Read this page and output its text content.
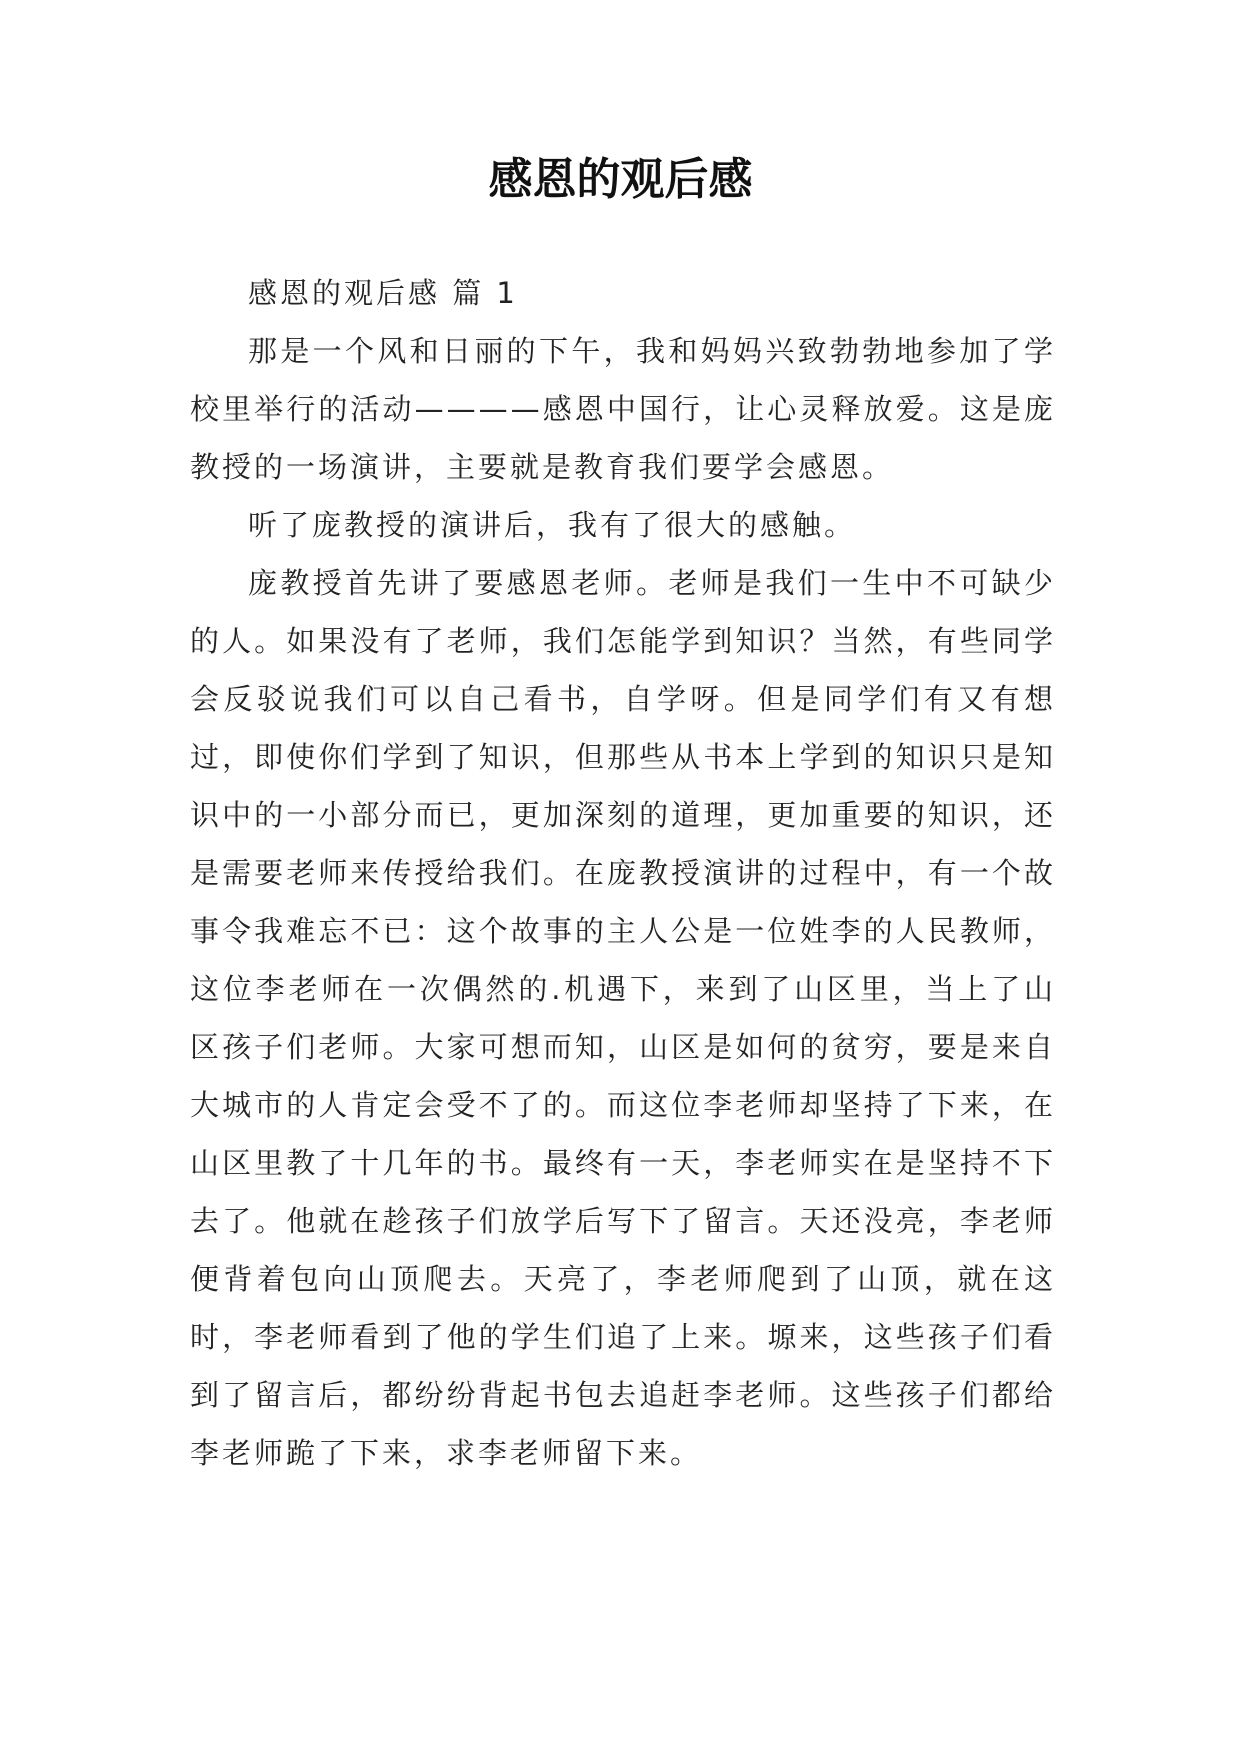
感恩的观后感

感恩的观后感 篇 1

那是一个风和日丽的下午，我和妈妈兴致勃勃地参加了学校里举行的活动————感恩中国行，让心灵释放爱。这是庞教授的一场演讲，主要就是教育我们要学会感恩。

听了庞教授的演讲后，我有了很大的感触。

庞教授首先讲了要感恩老师。老师是我们一生中不可缺少的人。如果没有了老师，我们怎能学到知识？当然，有些同学会反驳说我们可以自己看书，自学呀。但是同学们有又有想过，即使你们学到了知识，但那些从书本上学到的知识只是知识中的一小部分而已，更加深刻的道理，更加重要的知识，还是需要老师来传授给我们。在庞教授演讲的过程中，有一个故事令我难忘不已：这个故事的主人公是一位姓李的人民教师，这位李老师在一次偶然的.机遇下，来到了山区里，当上了山区孩子们老师。大家可想而知，山区是如何的贫穷，要是来自大城市的人肯定会受不了的。而这位李老师却坚持了下来，在山区里教了十几年的书。最终有一天，李老师实在是坚持不下去了。他就在趁孩子们放学后写下了留言。天还没亮，李老师便背着包向山顶爬去。天亮了，李老师爬到了山顶，就在这时，李老师看到了他的学生们追了上来。塬来，这些孩子们看到了留言后，都纷纷背起书包去追赶李老师。这些孩子们都给李老师跪了下来，求李老师留下来。
